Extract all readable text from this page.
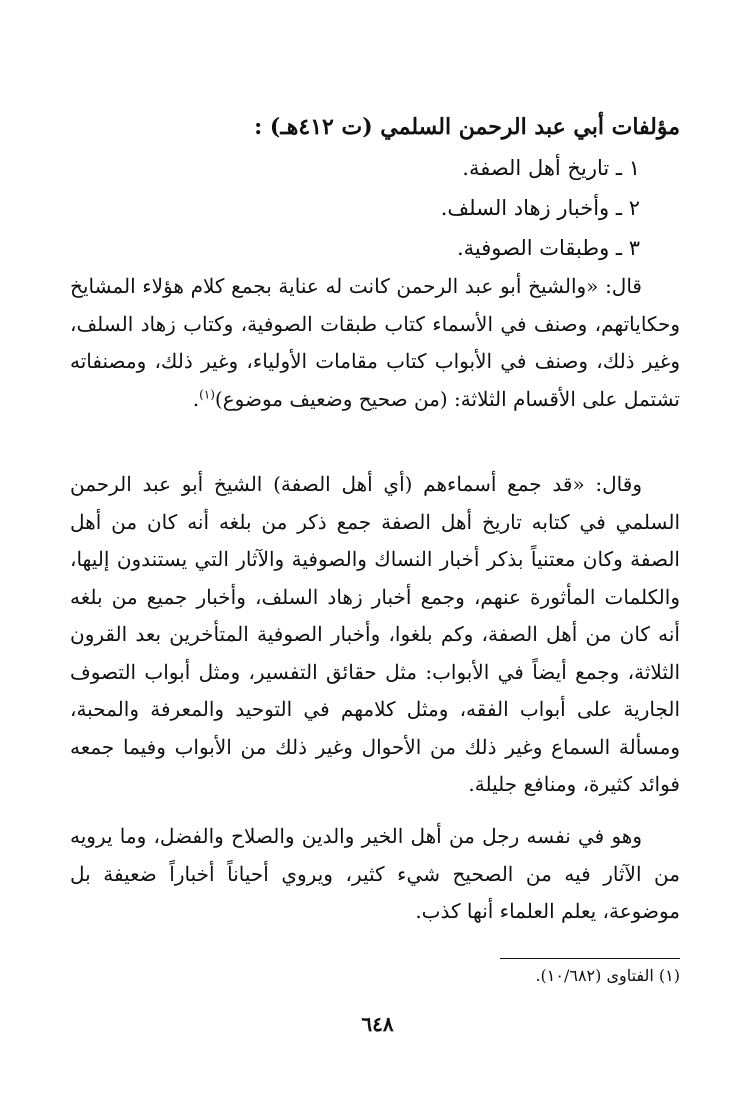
مؤلفات أبي عبد الرحمن السلمي (ت ٤١٢هـ) :
١ ـ تاريخ أهل الصفة.
٢ ـ وأخبار زهاد السلف.
٣ ـ وطبقات الصوفية.

قال: «والشيخ أبو عبد الرحمن كانت له عناية بجمع كلام هؤلاء المشايخ وحكاياتهم، وصنف في الأسماء كتاب طبقات الصوفية، وكتاب زهاد السلف، وغير ذلك، وصنف في الأبواب كتاب مقامات الأولياء، وغير ذلك، ومصنفاته تشتمل على الأقسام الثلاثة: (من صحيح وضعيف موضوع)$^{(١)}$.

وقال: «قد جمع أسماءهم (أي أهل الصفة) الشيخ أبو عبد الرحمن السلمي في كتابه تاريخ أهل الصفة جمع ذكر من بلغه أنه كان من أهل الصفة وكان معتنياً بذكر أخبار النساك والصوفية والآثار التي يستندون إليها، والكلمات المأثورة عنهم، وجمع أخبار زهاد السلف، وأخبار جميع من بلغه أنه كان من أهل الصفة، وكم بلغوا، وأخبار الصوفية المتأخرين بعد القرون الثلاثة، وجمع أيضاً في الأبواب: مثل حقائق التفسير، ومثل أبواب التصوف الجارية على أبواب الفقه، ومثل كلامهم في التوحيد والمعرفة والمحبة، ومسألة السماع وغير ذلك من الأحوال وغير ذلك من الأبواب وفيما جمعه فوائد كثيرة، ومنافع جليلة.

وهو في نفسه رجل من أهل الخير والدين والصلاح والفضل، وما يرويه من الآثار فيه من الصحيح شيء كثير، ويروي أحياناً أخباراً ضعيفة بل موضوعة، يعلم العلماء أنها كذب.

(١) الفتاوى (١٠/٦٨٢).
٦٤٨
